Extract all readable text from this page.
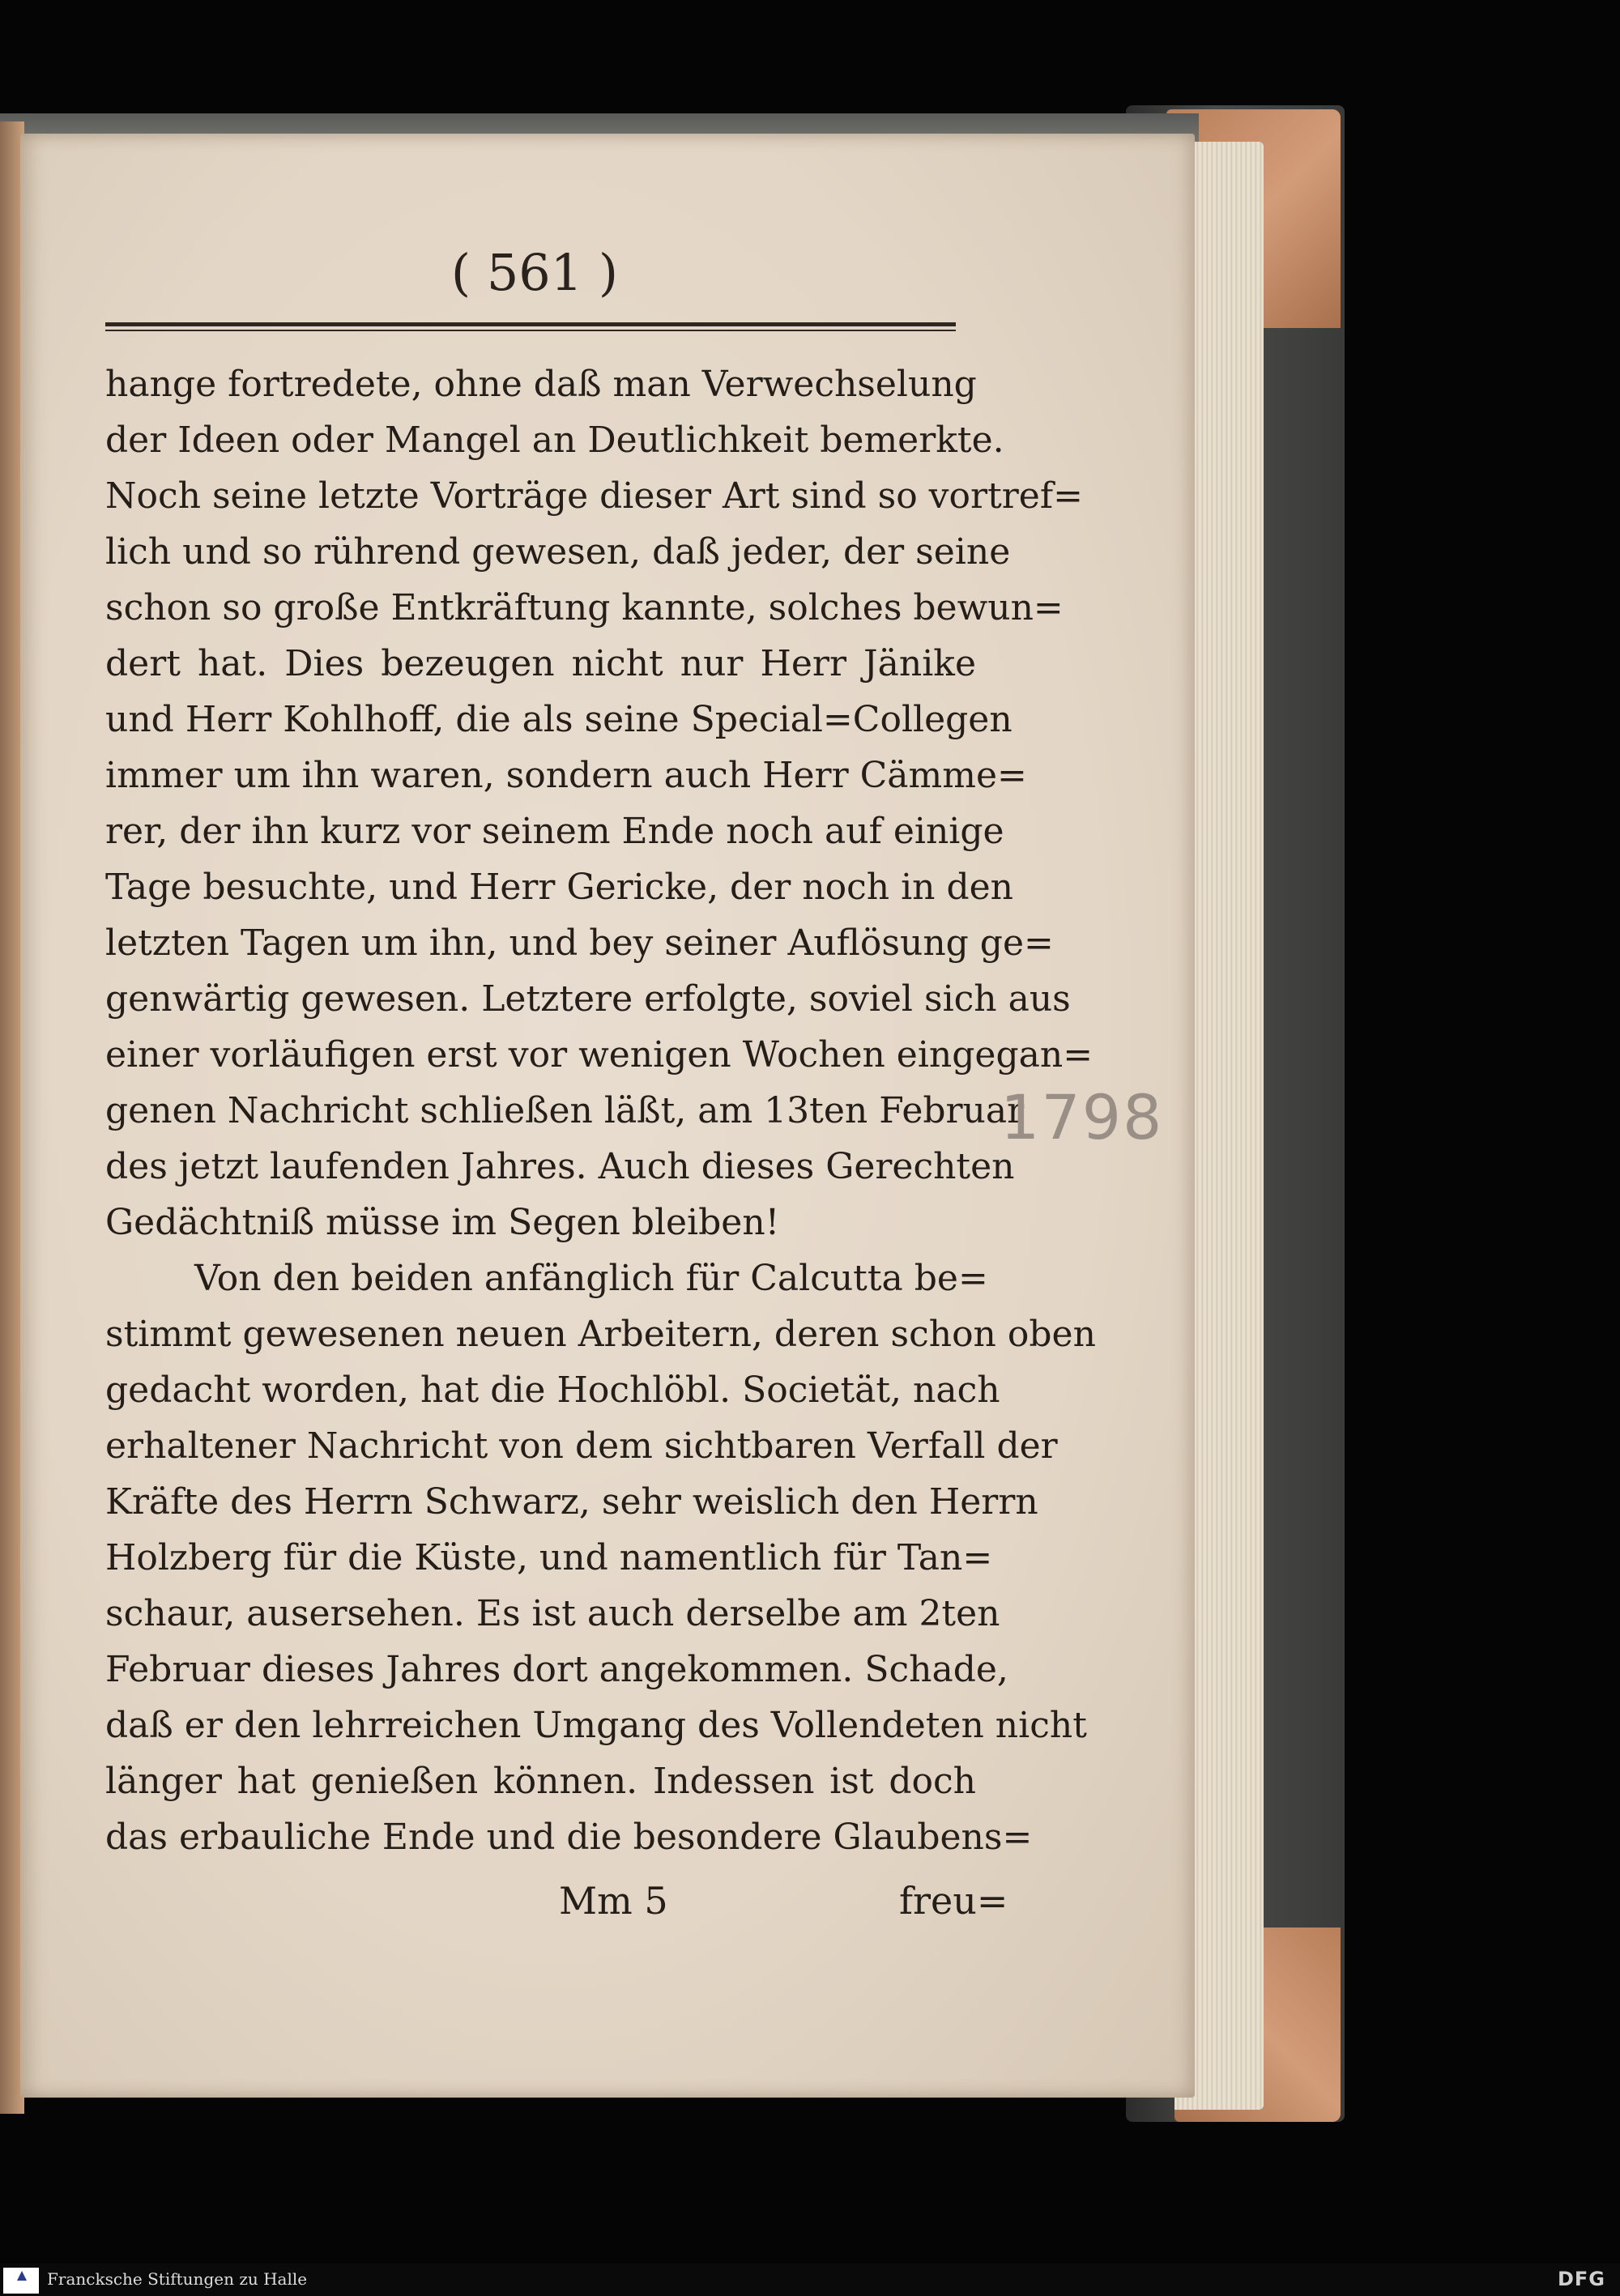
( 561 )
hange fortredete, ohne daß man Verwechselung
der Ideen oder Mangel an Deutlichkeit bemerkte.
Noch seine letzte Vorträge dieser Art sind so vortref=
lich und so rührend gewesen, daß jeder, der seine
schon so große Entkräftung kannte, solches bewun=
dert hat. Dies bezeugen nicht nur Herr Jänike
und Herr Kohlhoff, die als seine Special=Collegen
immer um ihn waren, sondern auch Herr Cämme=
rer, der ihn kurz vor seinem Ende noch auf einige
Tage besuchte, und Herr Gericke, der noch in den
letzten Tagen um ihn, und bey seiner Auflösung ge=
genwärtig gewesen. Letztere erfolgte, soviel sich aus
einer vorläufigen erst vor wenigen Wochen eingegan=
genen Nachricht schließen läßt, am 13ten Februar
des jetzt laufenden Jahres. Auch dieses Gerechten
Gedächtniß müsse im Segen bleiben!
Von den beiden anfänglich für Calcutta be=
stimmt gewesenen neuen Arbeitern, deren schon oben
gedacht worden, hat die Hochlöbl. Societät, nach
erhaltener Nachricht von dem sichtbaren Verfall der
Kräfte des Herrn Schwarz, sehr weislich den Herrn
Holzberg für die Küste, und namentlich für Tan=
schaur, ausersehen. Es ist auch derselbe am 2ten
Februar dieses Jahres dort angekommen. Schade,
daß er den lehrreichen Umgang des Vollendeten nicht
länger hat genießen können. Indessen ist doch
das erbauliche Ende und die besondere Glaubens=
Mm 5	freu=
1798
Francksche Stiftungen zu Halle	DFG
